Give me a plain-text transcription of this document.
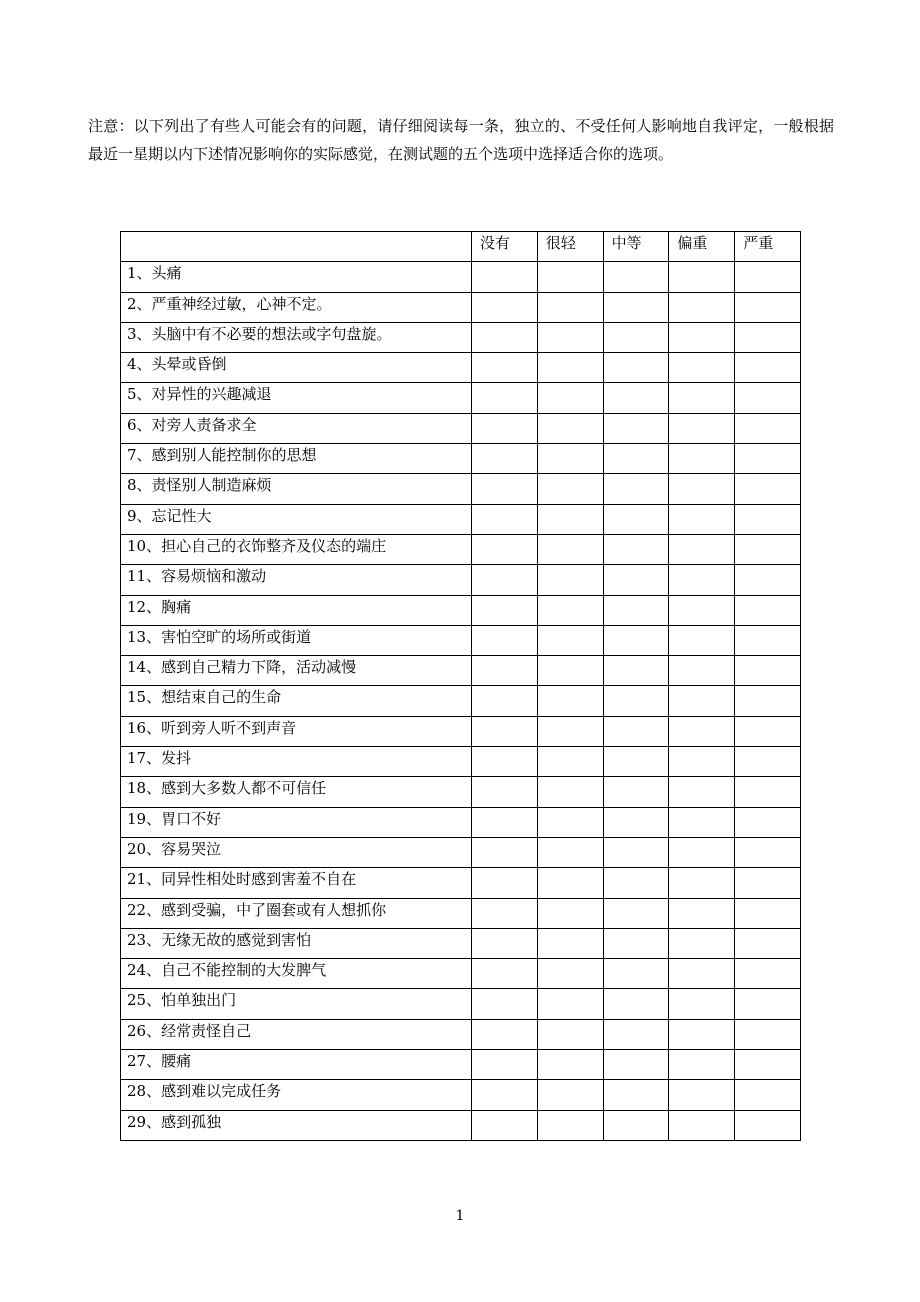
注意：以下列出了有些人可能会有的问题，请仔细阅读每一条，独立的、不受任何人影响地自我评定，一般根据最近一星期以内下述情况影响你的实际感觉，在测试题的五个选项中选择适合你的选项。

	没有	很轻	中等	偏重	严重
1、头痛					
2、严重神经过敏，心神不定。					
3、头脑中有不必要的想法或字句盘旋。					
4、头晕或昏倒					
5、对异性的兴趣减退					
6、对旁人责备求全					
7、感到别人能控制你的思想					
8、责怪别人制造麻烦					
9、忘记性大					
10、担心自己的衣饰整齐及仪态的端庄					
11、容易烦恼和激动					
12、胸痛					
13、害怕空旷的场所或街道					
14、感到自己精力下降，活动减慢					
15、想结束自己的生命					
16、听到旁人听不到声音					
17、发抖					
18、感到大多数人都不可信任					
19、胃口不好					
20、容易哭泣					
21、同异性相处时感到害羞不自在					
22、感到受骗，中了圈套或有人想抓你					
23、无缘无故的感觉到害怕					
24、自己不能控制的大发脾气					
25、怕单独出门					
26、经常责怪自己					
27、腰痛					
28、感到难以完成任务					
29、感到孤独					
1
